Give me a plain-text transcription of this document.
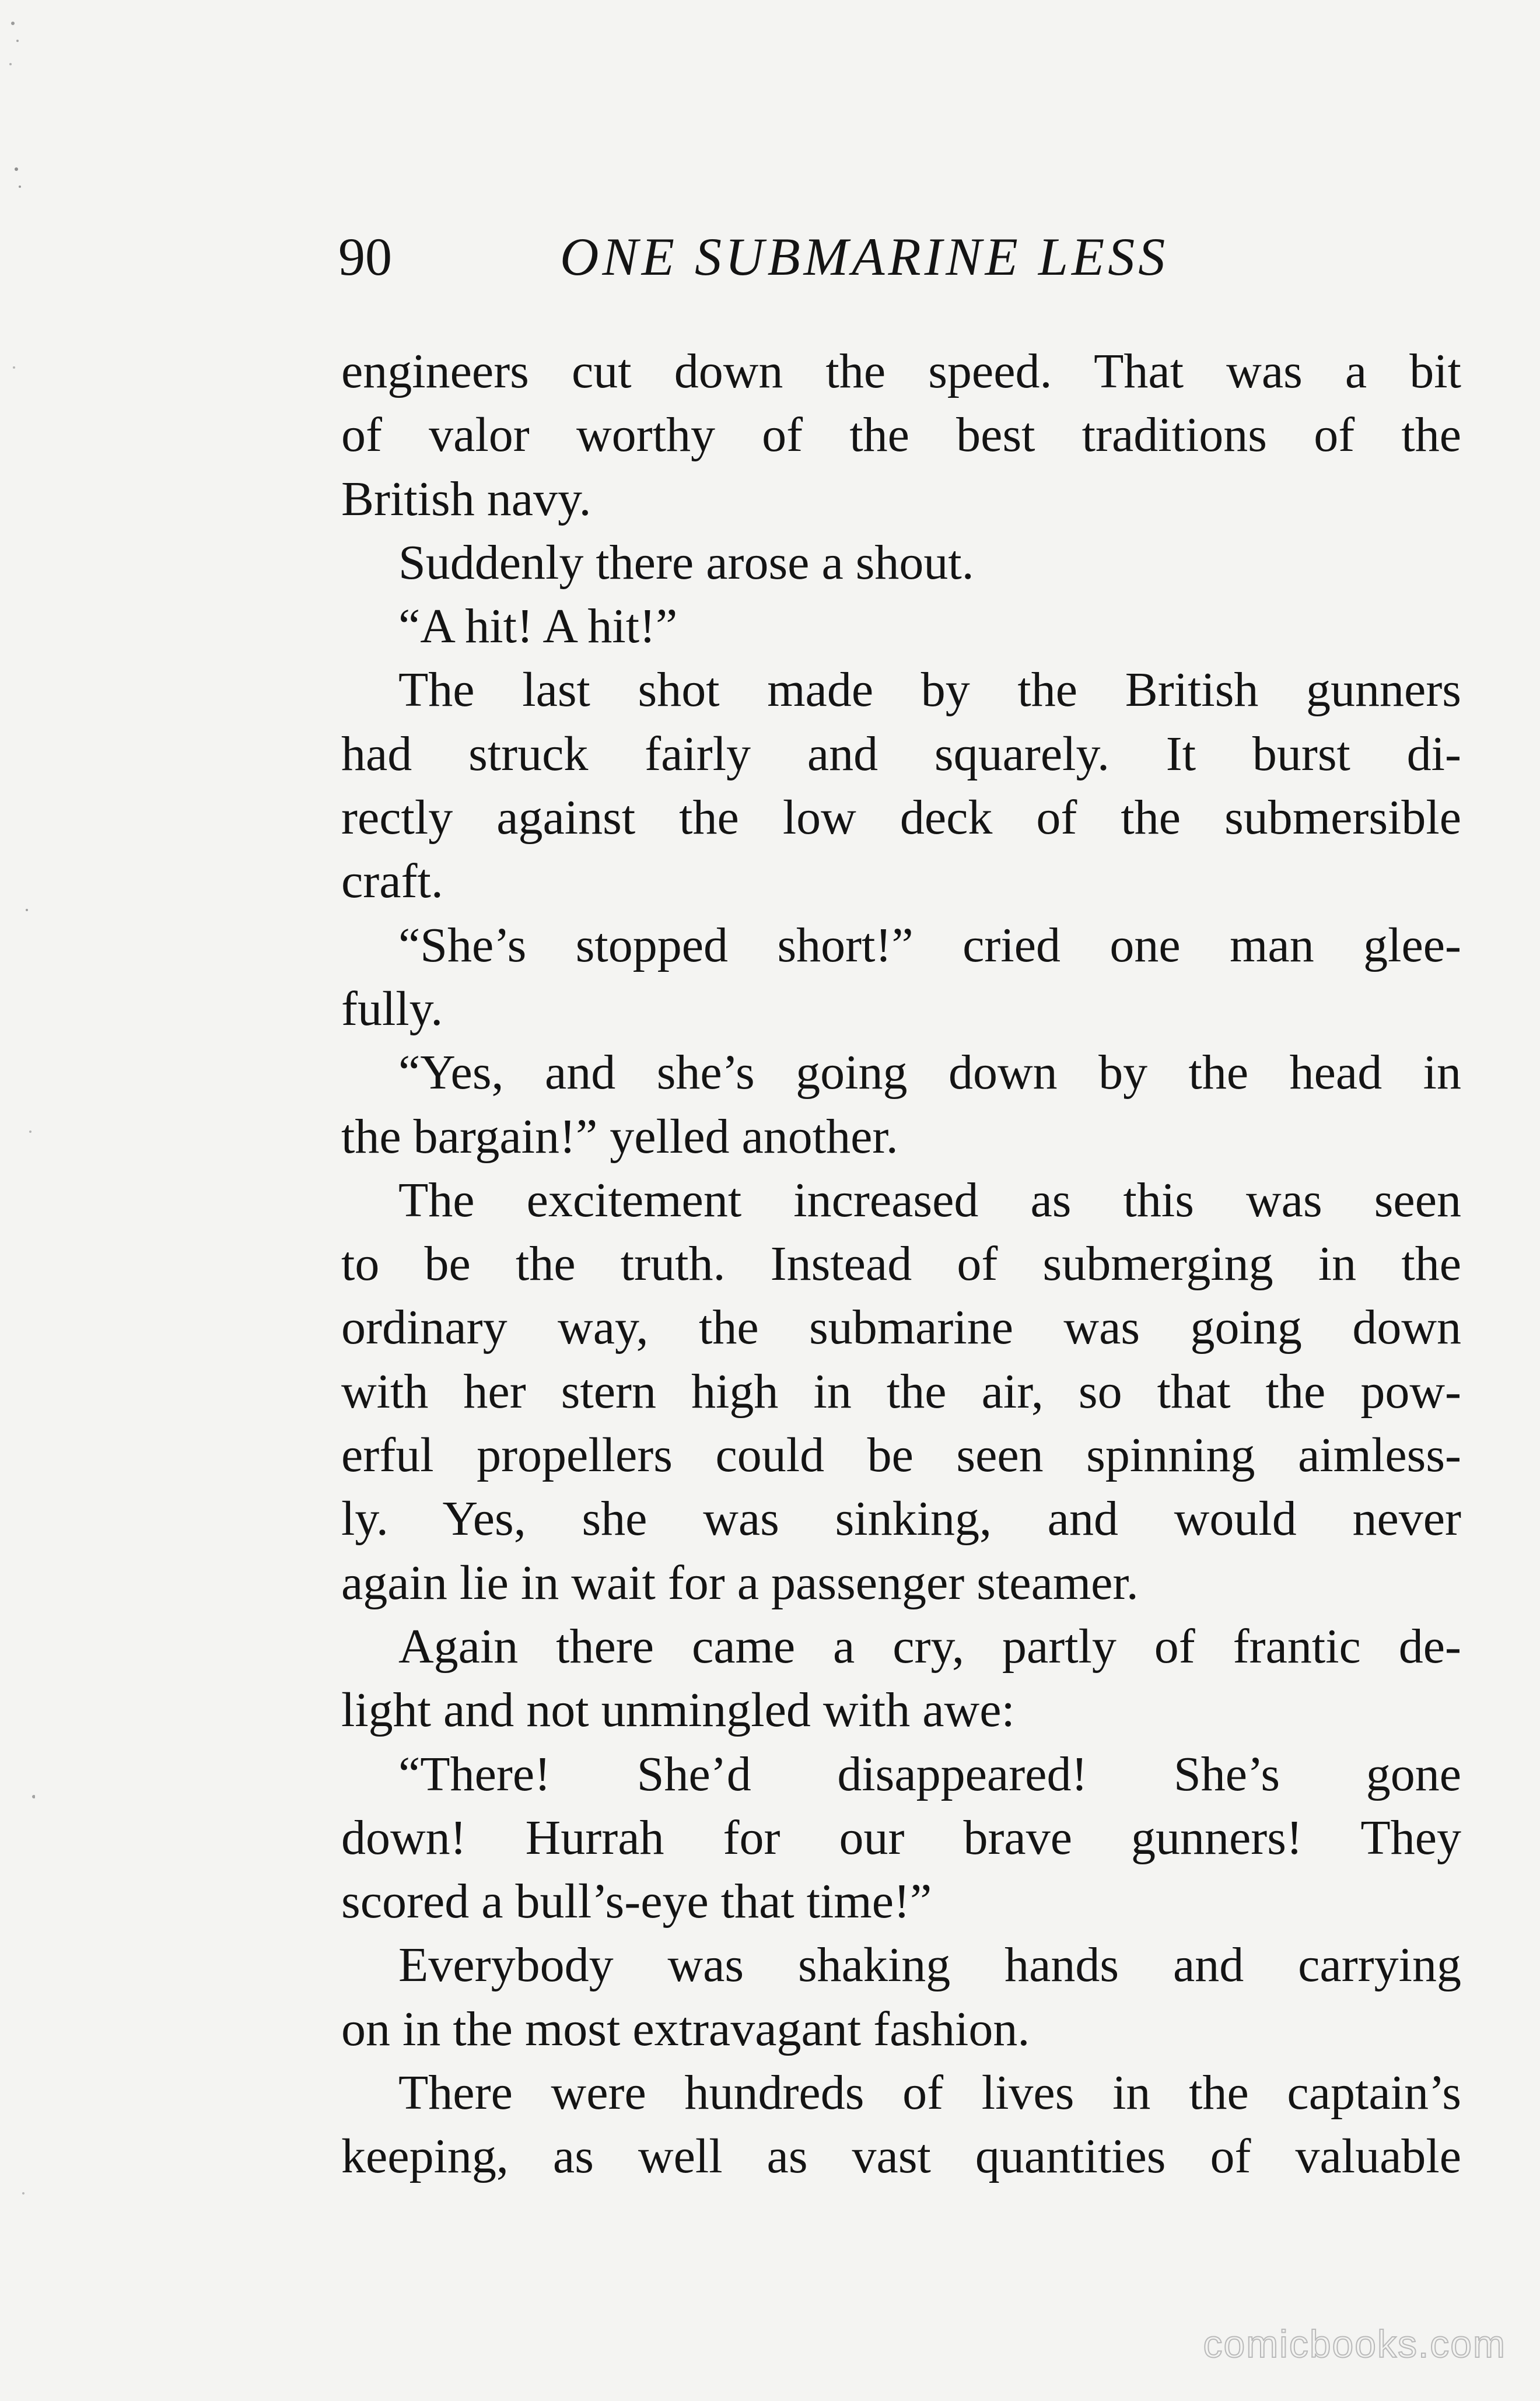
90	ONE SUBMARINE LESS
engineers cut down the speed. That was a bit
of valor worthy of the best traditions of the
British navy.
Suddenly there arose a shout.
“A hit! A hit!”
The last shot made by the British gunners
had struck fairly and squarely. It burst di-
rectly against the low deck of the submersible
craft.
“She’s stopped short!” cried one man glee-
fully.
“Yes, and she’s going down by the head in
the bargain!” yelled another.
The excitement increased as this was seen
to be the truth. Instead of submerging in the
ordinary way, the submarine was going down
with her stern high in the air, so that the pow-
erful propellers could be seen spinning aimless-
ly. Yes, she was sinking, and would never
again lie in wait for a passenger steamer.
Again there came a cry, partly of frantic de-
light and not unmingled with awe:
“There! She’d disappeared! She’s gone
down! Hurrah for our brave gunners! They
scored a bull’s-eye that time!”
Everybody was shaking hands and carrying
on in the most extravagant fashion.
There were hundreds of lives in the captain’s
keeping, as well as vast quantities of valuable
comicbooks.com
